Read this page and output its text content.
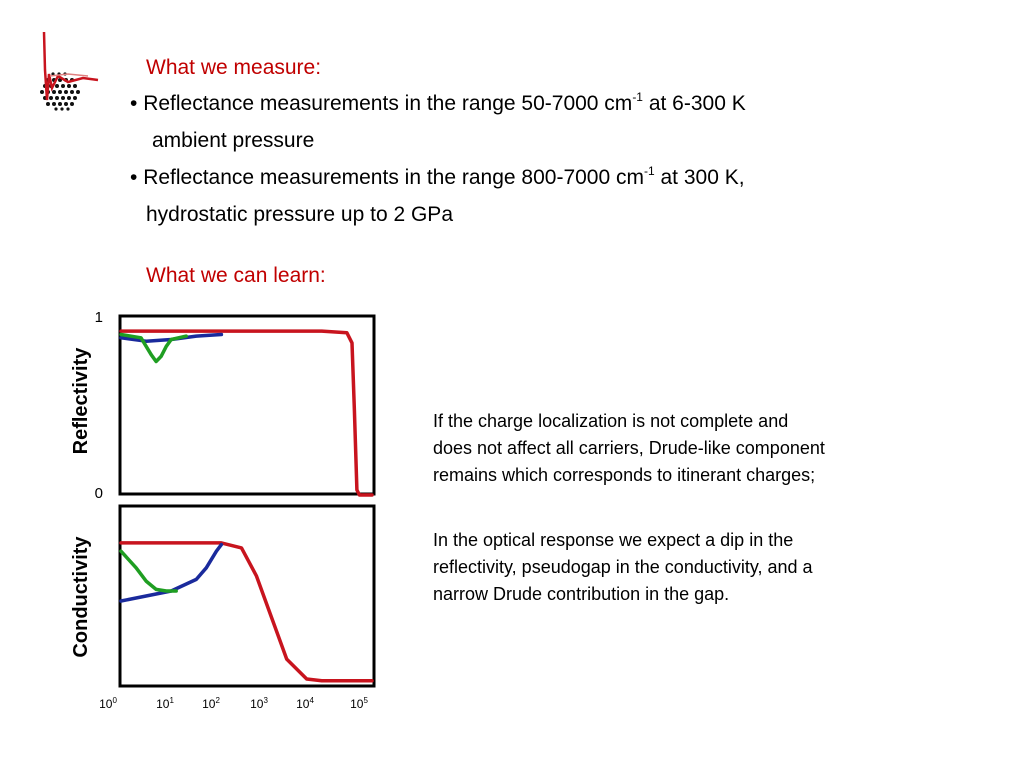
What we measure:
• Reflectance measurements in the range 50-7000 $cm^{-1}$ at 6-300 K
ambient pressure
• Reflectance measurements in the range 800-7000 $cm^{-1}$ at 300 K,
hydrostatic pressure up to 2 GPa
What we can learn:
If the charge localization is not complete and
does not affect all carriers, Drude-like component
remains which corresponds to itinerant charges;
In the optical response we expect a dip in the
reflectivity, pseudogap in the conductivity, and a
narrow Drude contribution in the gap.
1
0
Reflectivity
Conductivity
$10^0$	$10^1$ $10^2$	$10^3$ $10^4$	$10^5$
